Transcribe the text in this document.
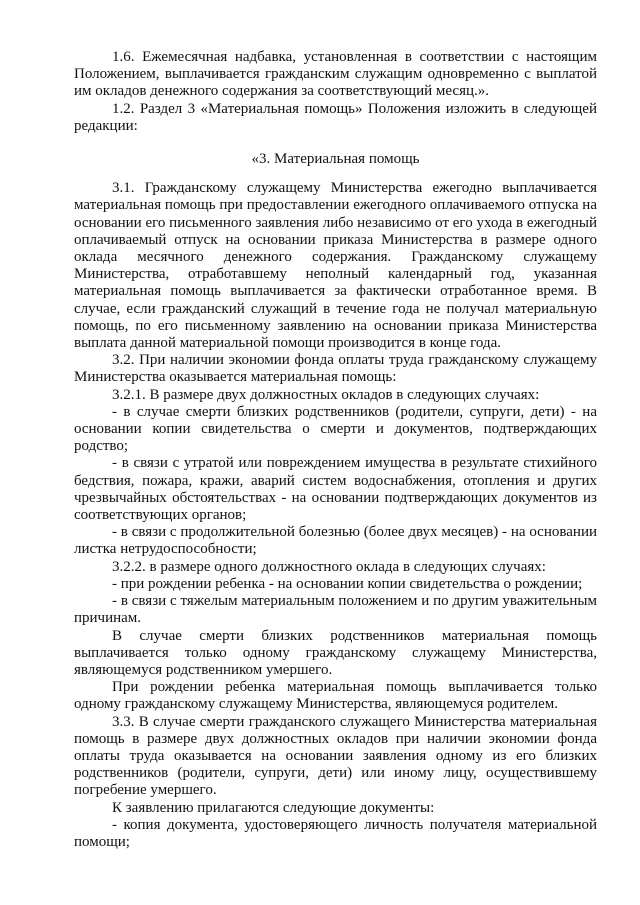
1.6. Ежемесячная надбавка, установленная в соответствии с настоящим Положением, выплачивается гражданским служащим одновременно с выплатой им окладов денежного содержания за соответствующий месяц.».

1.2. Раздел 3 «Материальная помощь» Положения изложить в следующей редакции:

«3. Материальная помощь

3.1. Гражданскому служащему Министерства ежегодно выплачивается материальная помощь при предоставлении ежегодного оплачиваемого отпуска на основании его письменного заявления либо независимо от его ухода в ежегодный оплачиваемый отпуск на основании приказа Министерства в размере одного оклада месячного денежного содержания. Гражданскому служащему Министерства, отработавшему неполный календарный год, указанная материальная помощь выплачивается за фактически отработанное время. В случае, если гражданский служащий в течение года не получал материальную помощь, по его письменному заявлению на основании приказа Министерства выплата данной материальной помощи производится в конце года.

3.2. При наличии экономии фонда оплаты труда гражданскому служащему Министерства оказывается материальная помощь:

3.2.1. В размере двух должностных окладов в следующих случаях:

- в случае смерти близких родственников (родители, супруги, дети) - на основании копии свидетельства о смерти и документов, подтверждающих родство;

- в связи с утратой или повреждением имущества в результате стихийного бедствия, пожара, кражи, аварий систем водоснабжения, отопления и других чрезвычайных обстоятельствах - на основании подтверждающих документов из соответствующих органов;

- в связи с продолжительной болезнью (более двух месяцев) - на основании листка нетрудоспособности;

3.2.2. в размере одного должностного оклада в следующих случаях:

- при рождении ребенка - на основании копии свидетельства о рождении;

- в связи с тяжелым материальным положением и по другим уважительным причинам.

В случае смерти близких родственников материальная помощь выплачивается только одному гражданскому служащему Министерства, являющемуся родственником умершего.

При рождении ребенка материальная помощь выплачивается только одному гражданскому служащему Министерства, являющемуся родителем.

3.3. В случае смерти гражданского служащего Министерства материальная помощь в размере двух должностных окладов при наличии экономии фонда оплаты труда оказывается на основании заявления одному из его близких родственников (родители, супруги, дети) или иному лицу, осуществившему погребение умершего.

К заявлению прилагаются следующие документы:

- копия документа, удостоверяющего личность получателя материальной помощи;
